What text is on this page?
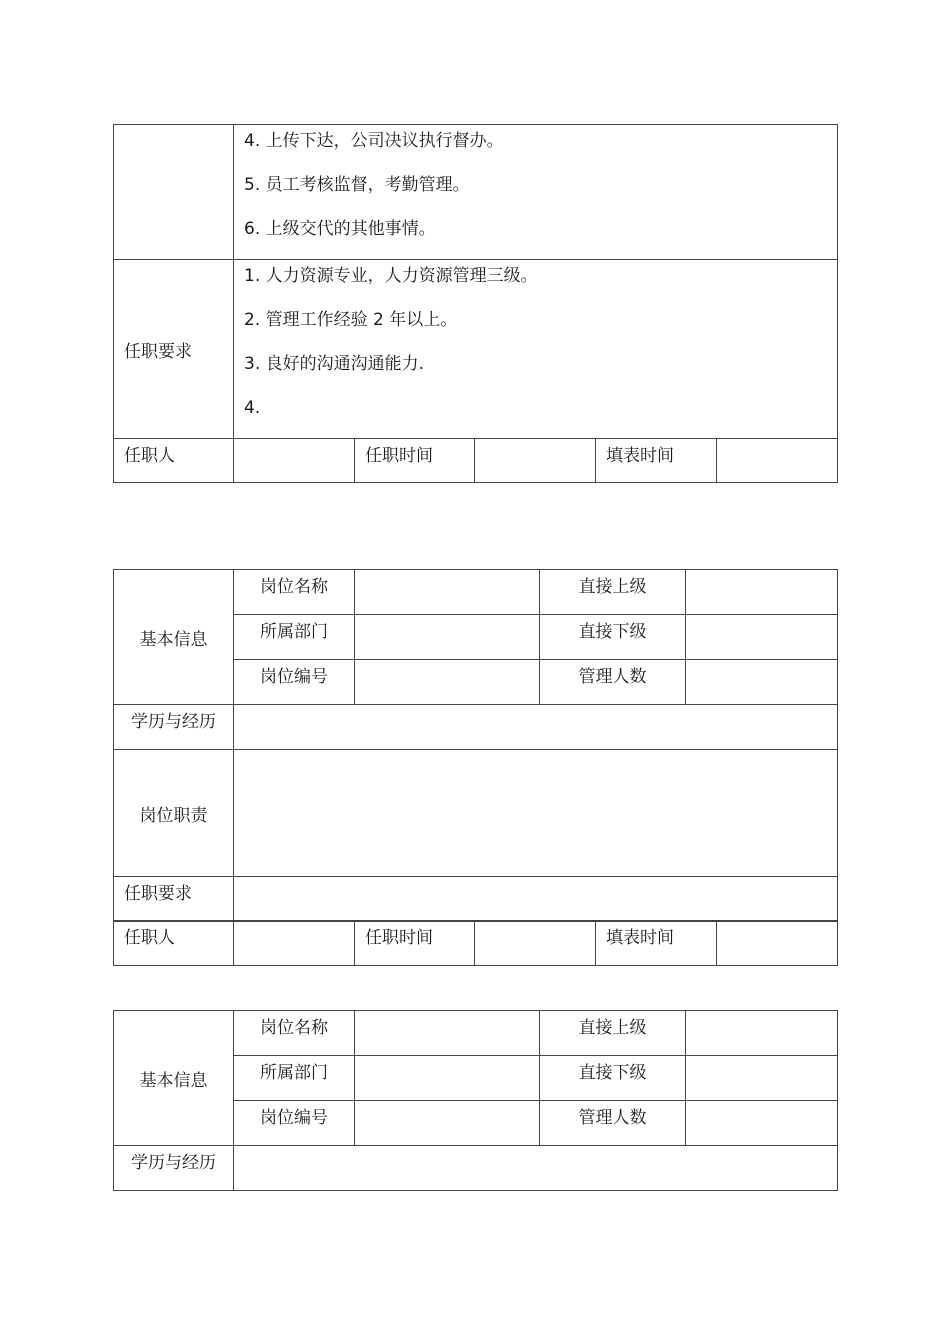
	4. 上传下达，公司决议执行督办。
5. 员工考核监督，考勤管理。
6. 上级交代的其他事情。				

任职要求	1. 人力资源专业，人力资源管理三级。
2. 管理工作经验 2 年以上。
3. 良好的沟通沟通能力.
4.				

任职人		任职时间		填表时间	
基本信息	岗位名称		直接上级	
	所属部门		直接下级	
	岗位编号		管理人数	
学历与经历				
岗位职责				
任职要求				
任职人		任职时间		填表时间	
基本信息	岗位名称		直接上级	
	所属部门		直接下级	
	岗位编号		管理人数	
学历与经历				
